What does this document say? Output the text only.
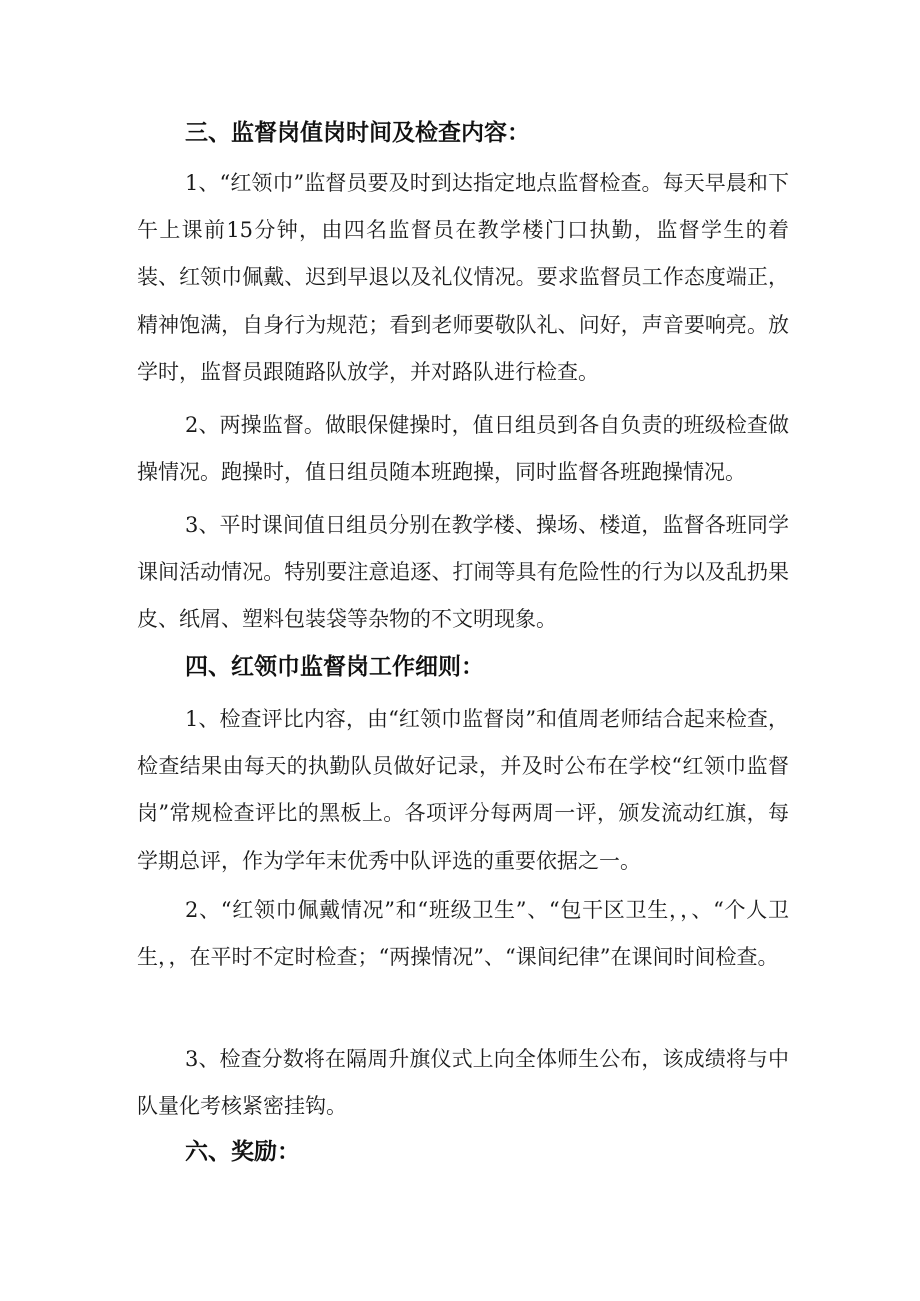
三、监督岗值岗时间及检查内容：

1、“红领巾”监督员要及时到达指定地点监督检查。每天早晨和下午上课前15分钟，由四名监督员在教学楼门口执勤，监督学生的着装、红领巾佩戴、迟到早退以及礼仪情况。要求监督员工作态度端正，精神饱满，自身行为规范；看到老师要敬队礼、问好，声音要响亮。放学时，监督员跟随路队放学，并对路队进行检查。

2、两操监督。做眼保健操时，值日组员到各自负责的班级检查做操情况。跑操时，值日组员随本班跑操，同时监督各班跑操情况。

3、平时课间值日组员分别在教学楼、操场、楼道，监督各班同学课间活动情况。特别要注意追逐、打闹等具有危险性的行为以及乱扔果皮、纸屑、塑料包装袋等杂物的不文明现象。

四、红领巾监督岗工作细则：

1、检查评比内容，由“红领巾监督岗”和值周老师结合起来检查，检查结果由每天的执勤队员做好记录，并及时公布在学校“红领巾监督岗”常规检查评比的黑板上。各项评分每两周一评，颁发流动红旗，每学期总评，作为学年末优秀中队评选的重要依据之一。

2、“红领巾佩戴情况”和“班级卫生”、“包干区卫生，，、“个人卫生，，在平时不定时检查；“两操情况”、“课间纪律”在课间时间检查。

3、检查分数将在隔周升旗仪式上向全体师生公布，该成绩将与中队量化考核紧密挂钩。

六、奖励：
